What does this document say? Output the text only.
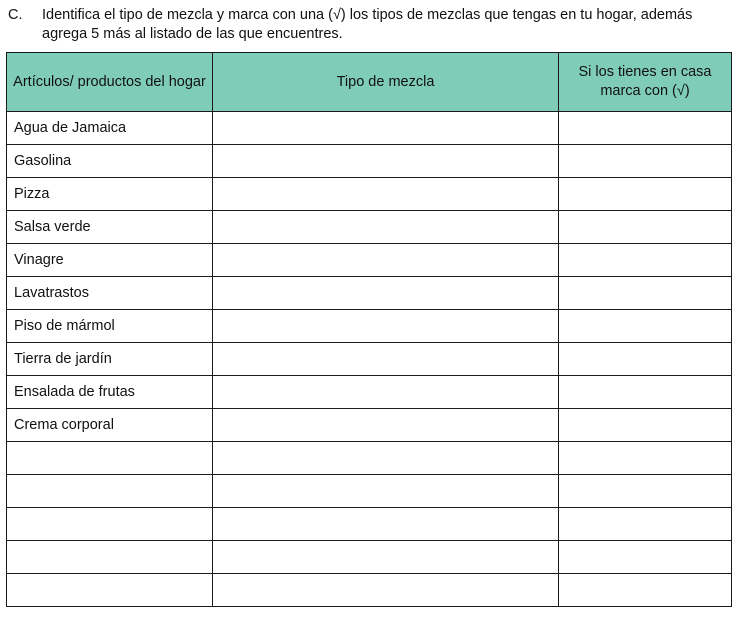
C. Identifica el tipo de mezcla y marca con una (√) los tipos de mezclas que tengas en tu hogar, además agrega 5 más al listado de las que encuentres.
Artículos/ productos del hogar	Tipo de mezcla	Si los tienes en casa marca con (√)
Agua de Jamaica		
Gasolina		
Pizza		
Salsa verde		
Vinagre		
Lavatrastos		
Piso de mármol		
Tierra de jardín		
Ensalada de frutas		
Crema corporal		
